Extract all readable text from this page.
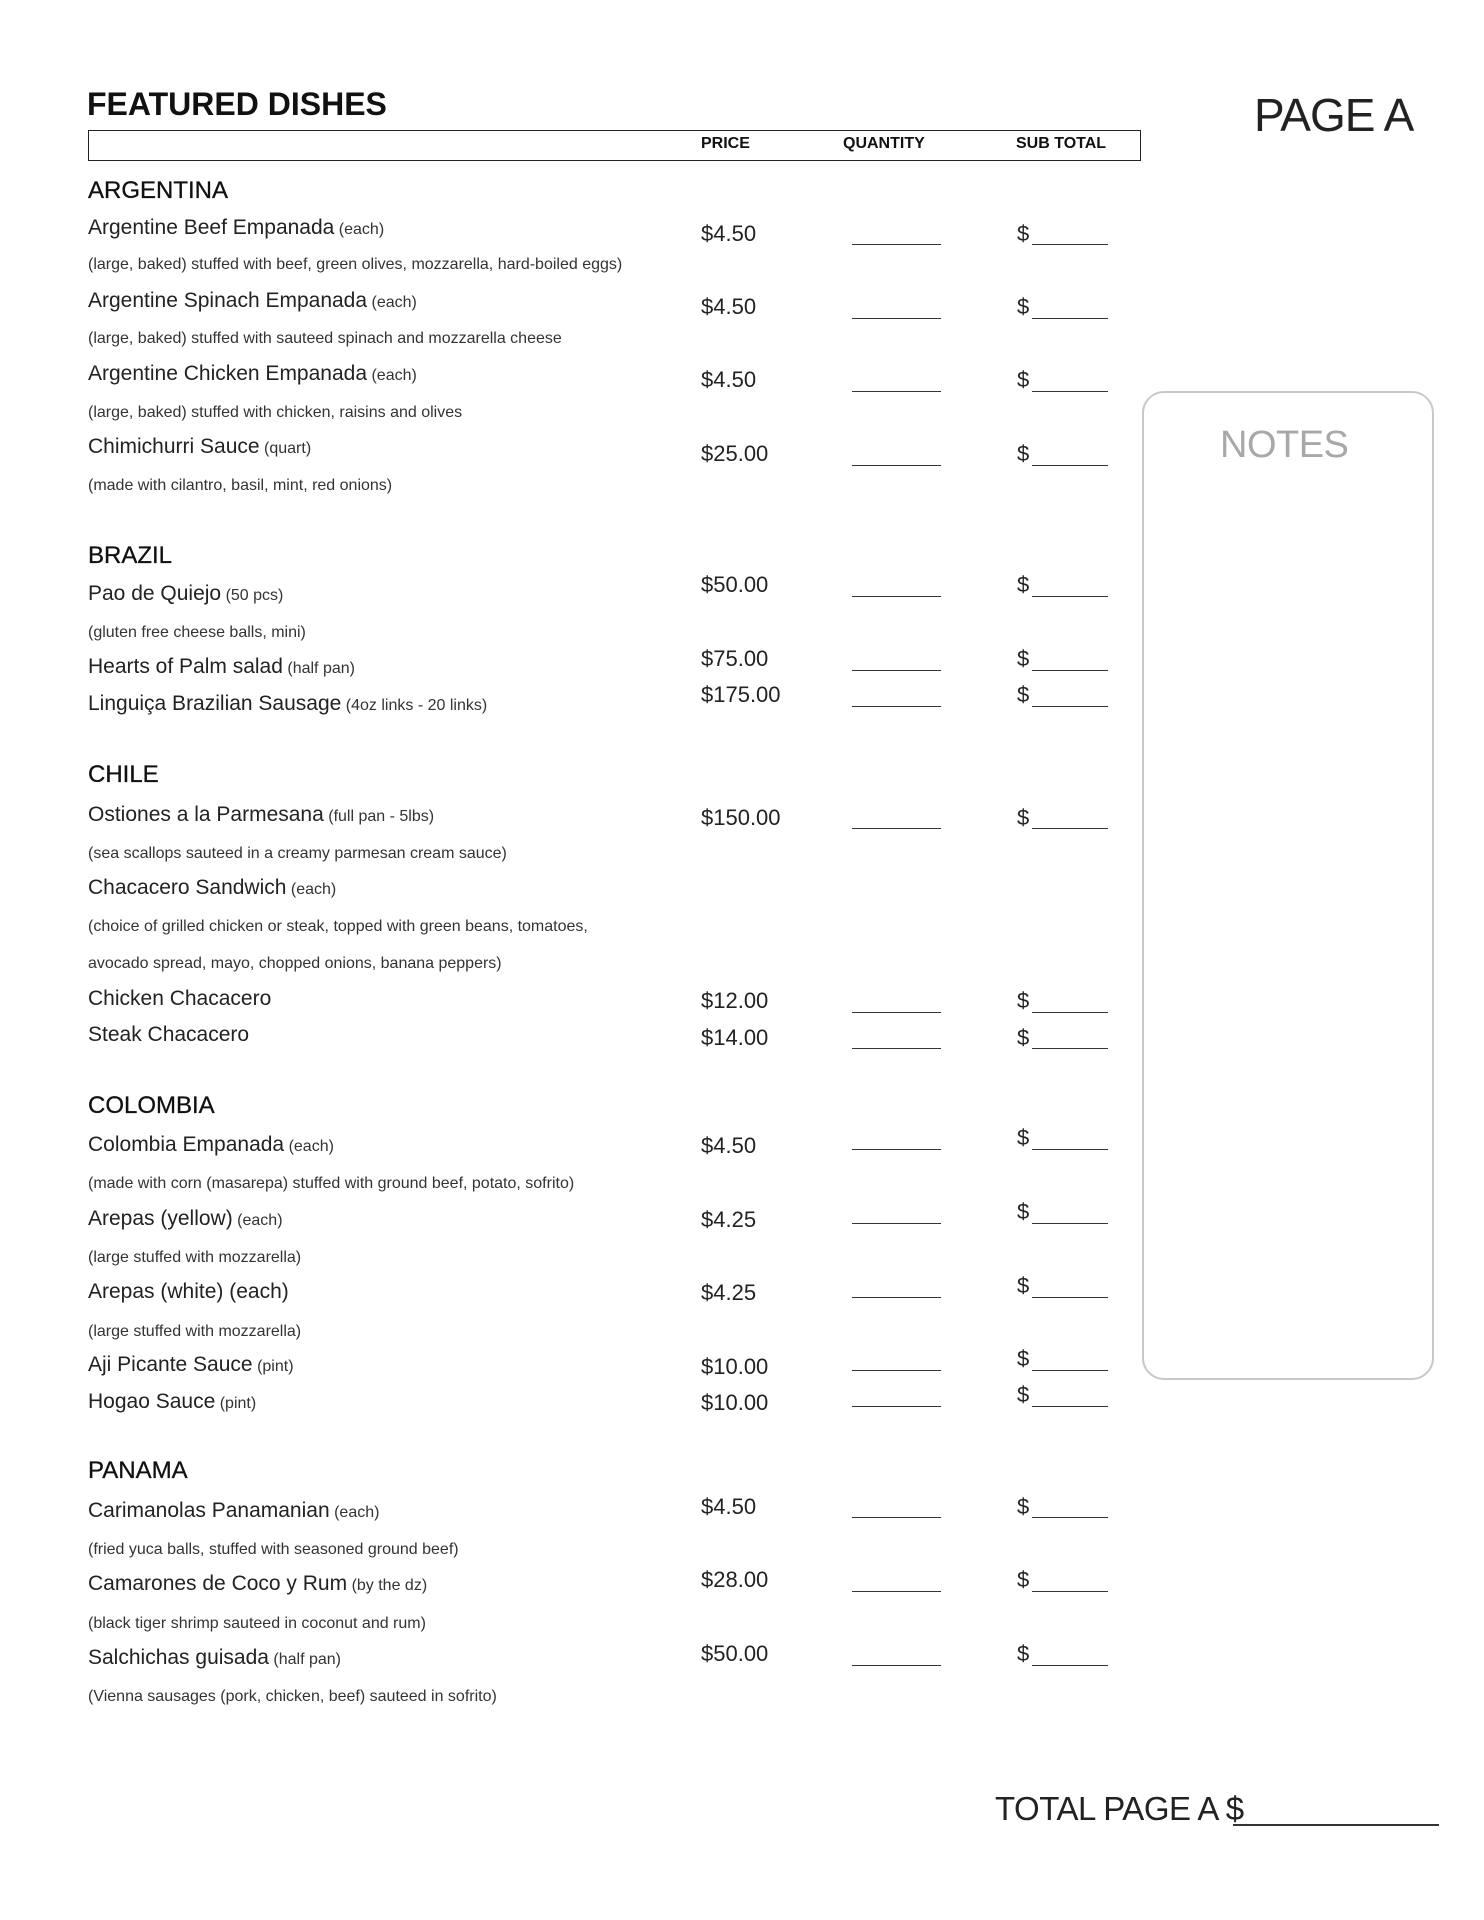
FEATURED DISHES	PAGE A
PRICE	QUANTITY	SUB TOTAL
NOTES
ARGENTINA
BRAZIL
CHILE
COLOMBIA
PANAMA
Argentine Beef Empanada (each)
(large, baked) stuffed with beef, green olives, mozzarella, hard-boiled eggs)
$4.50	$
Argentine Spinach Empanada (each)
(large, baked) stuffed with sauteed spinach and mozzarella cheese
$4.50	$
Argentine Chicken Empanada (each)
(large, baked) stuffed with chicken, raisins and olives
$4.50	$
Chimichurri Sauce (quart)
(made with cilantro, basil, mint, red onions)
$25.00	$
Pao de Quiejo (50 pcs)
(gluten free cheese balls, mini)
$50.00	$
Hearts of Palm salad (half pan)	$75.00	$
Linguiça Brazilian Sausage (4oz links - 20 links)	$175.00	$
Ostiones a la Parmesana (full pan - 5lbs)
(sea scallops sauteed in a creamy parmesan cream sauce)
$150.00	$
Chacacero Sandwich (each)
(choice of grilled chicken or steak, topped with green beans, tomatoes,
avocado spread, mayo, chopped onions, banana peppers)
Chicken Chacacero	$12.00	$
Steak Chacacero	$14.00	$
Colombia Empanada (each)
(made with corn (masarepa) stuffed with ground beef, potato, sofrito)
$4.50	$
Arepas (yellow) (each)
(large stuffed with mozzarella)
$4.25	$
Arepas (white) (each)
(large stuffed with mozzarella)
$4.25	$
Aji Picante Sauce (pint)	$10.00	$
Hogao Sauce (pint)	$10.00	$
Carimanolas Panamanian (each)
(fried yuca balls, stuffed with seasoned ground beef)
$4.50	$
Camarones de Coco y Rum (by the dz)
(black tiger shrimp sauteed in coconut and rum)
$28.00	$
Salchichas guisada (half pan)
(Vienna sausages (pork, chicken, beef) sauteed in sofrito)
$50.00	$
TOTAL PAGE A $
